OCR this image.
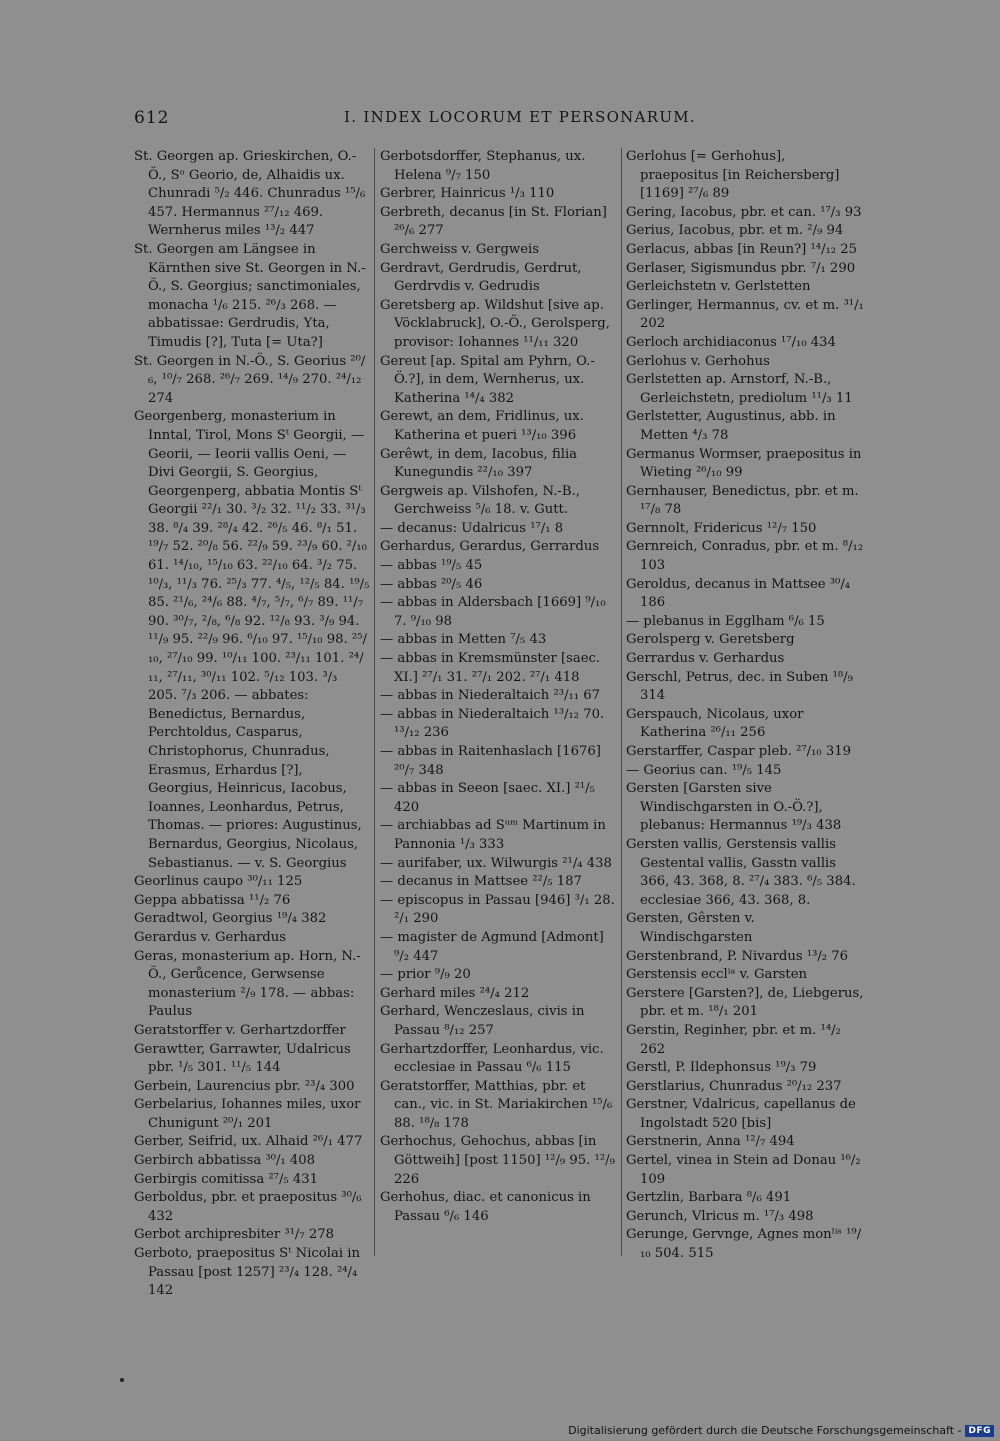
612	I. INDEX LOCORUM ET PERSONARUM.

St. Georgen ap. Grieskirchen, O.-Ö., Sᵒ Georio, de, Alhaidis ux. Chunradi ⁵/₂ 446. Chunradus ¹⁵/₆ 457. Hermannus ²⁷/₁₂ 469. Wernherus miles ¹³/₂ 447

St. Georgen am Längsee in Kärnthen sive St. Georgen in N.-Ö., S. Georgius; sanctimoniales, monacha ¹/₆ 215. ²⁶/₃ 268. — abbatissae: Gerdrudis, Yta, Timudis [?], Tuta [= Uta?]

St. Georgen in N.-Ö., S. Georius ²⁰/₆, ¹⁰/₇ 268. ²⁶/₇ 269. ¹⁴/₉ 270. ²⁴/₁₂ 274

Georgenberg, monasterium in Inntal, Tirol, Mons Sᵗ Georgii, — Georii, — Ieorii vallis Oeni, — Divi Georgii, S. Georgius, Georgenperg, abbatia Montis Sᵗ Georgii ²²/₁ 30. ³/₂ 32. ¹¹/₂ 33. ³¹/₃ 38. ⁸/₄ 39. ²⁸/₄ 42. ²⁶/₅ 46. ⁸/₁ 51. ¹⁹/₇ 52. ²⁰/₈ 56. ²²/₉ 59. ²³/₉ 60. ²/₁₀ 61. ¹⁴/₁₀, ¹⁵/₁₀ 63. ²²/₁₀ 64. ³/₂ 75. ¹⁰/₃, ¹¹/₃ 76. ²⁵/₃ 77. ⁴/₅, ¹²/₅ 84. ¹⁹/₅ 85. ²¹/₆, ²⁴/₆ 88. ⁴/₇, ⁵/₇, ⁶/₇ 89. ¹¹/₇ 90. ³⁰/₇, ²/₈, ⁶/₈ 92. ¹²/₈ 93. ³/₉ 94. ¹¹/₉ 95. ²²/₉ 96. ⁶/₁₀ 97. ¹⁵/₁₀ 98. ²⁵/₁₀, ²⁷/₁₀ 99. ¹⁰/₁₁ 100. ²³/₁₁ 101. ²⁴/₁₁, ²⁷/₁₁, ³⁰/₁₁ 102. ⁵/₁₂ 103. ³/₃ 205. ⁷/₃ 206. — abbates: Benedictus, Bernardus, Perchtoldus, Casparus, Christophorus, Chunradus, Erasmus, Erhardus [?], Georgius, Heinricus, Iacobus, Ioannes, Leonhardus, Petrus, Thomas. — priores: Augustinus, Bernardus, Georgius, Nicolaus, Sebastianus. — v. S. Georgius

Georlinus caupo ³⁰/₁₁ 125

Geppa abbatissa ¹¹/₂ 76

Geradtwol, Georgius ¹⁹/₄ 382

Gerardus v. Gerhardus

Geras, monasterium ap. Horn, N.-Ö., Gerůcence, Gerwsense monasterium ²/₉ 178. — abbas: Paulus

Geratstorffer v. Gerhartzdorffer

Gerawtter, Garrawter, Udalricus pbr. ¹/₅ 301. ¹¹/₅ 144

Gerbein, Laurencius pbr. ²³/₄ 300

Gerbelarius, Iohannes miles, uxor Chunigunt ²⁰/₁ 201

Gerber, Seifrid, ux. Alhaid ²⁶/₁ 477

Gerbirch abbatissa ³⁰/₁ 408

Gerbirgis comitissa ²⁷/₅ 431

Gerboldus, pbr. et praepositus ³⁰/₆ 432

Gerbot archipresbiter ³¹/₇ 278

Gerboto, praepositus Sᵗ Nicolai in Passau [post 1257] ²³/₄ 128. ²⁴/₄ 142

Gerbotsdorffer, Stephanus, ux. Helena ⁹/₇ 150

Gerbrer, Hainricus ¹/₃ 110

Gerbreth, decanus [in St. Florian] ²⁶/₆ 277

Gerchweiss v. Gergweis

Gerdravt, Gerdrudis, Gerdrut, Gerdrvdis v. Gedrudis

Geretsberg ap. Wildshut [sive ap. Vöcklabruck], O.-Ö., Gerolsperg, provisor: Iohannes ¹¹/₁₁ 320

Gereut [ap. Spital am Pyhrn, O.-Ö.?], in dem, Wernherus, ux. Katherina ¹⁴/₄ 382

Gerewt, an dem, Fridlinus, ux. Katherina et pueri ¹³/₁₀ 396

Gerêwt, in dem, Iacobus, filia Kunegundis ²²/₁₀ 397

Gergweis ap. Vilshofen, N.-B., Gerchweiss ⁵/₆ 18. v. Gutt.

— decanus: Udalricus ¹⁷/₁ 8

Gerhardus, Gerardus, Gerrardus

— abbas ¹⁹/₅ 45

— abbas ²⁰/₅ 46

— abbas in Aldersbach [1669] ⁹/₁₀ 7. ⁹/₁₀ 98

— abbas in Metten ⁷/₅ 43

— abbas in Kremsmünster [saec. XI.] ²⁷/₁ 31. ²⁷/₁ 202. ²⁷/₁ 418

— abbas in Niederaltaich ²³/₁₁ 67

— abbas in Niederaltaich ¹³/₁₂ 70. ¹³/₁₂ 236

— abbas in Raitenhaslach [1676] ²⁰/₇ 348

— abbas in Seeon [saec. XI.] ²¹/₅ 420

— archiabbas ad Sᵘᵐ Martinum in Pannonia ¹/₃ 333

— aurifaber, ux. Wilwurgis ²¹/₄ 438

— decanus in Mattsee ²²/₅ 187

— episcopus in Passau [946] ³/₁ 28. ²/₁ 290

— magister de Agmund [Admont] ⁹/₂ 447

— prior ⁹/₉ 20

Gerhard miles ²⁴/₄ 212

Gerhard, Wenczeslaus, civis in Passau ⁸/₁₂ 257

Gerhartzdorffer, Leonhardus, vic. ecclesiae in Passau ⁶/₆ 115

Geratstorffer, Matthias, pbr. et can., vic. in St. Mariakirchen ¹⁵/₆ 88. ¹⁸/₈ 178

Gerhochus, Gehochus, abbas [in Göttweih] [post 1150] ¹²/₉ 95. ¹²/₉ 226

Gerhohus, diac. et canonicus in Passau ⁶/₆ 146

Gerlohus [= Gerhohus], praepositus [in Reichersberg] [1169] ²⁷/₆ 89

Gering, Iacobus, pbr. et can. ¹⁷/₃ 93

Gerius, Iacobus, pbr. et m. ²/₉ 94

Gerlacus, abbas [in Reun?] ¹⁴/₁₂ 25

Gerlaser, Sigismundus pbr. ⁷/₁ 290

Gerleichstetn v. Gerlstetten

Gerlinger, Hermannus, cv. et m. ³¹/₁ 202

Gerloch archidiaconus ¹⁷/₁₀ 434

Gerlohus v. Gerhohus

Gerlstetten ap. Arnstorf, N.-B., Gerleichstetn, prediolum ¹¹/₃ 11

Gerlstetter, Augustinus, abb. in Metten ⁴/₃ 78

Germanus Wormser, praepositus in Wieting ²⁶/₁₀ 99

Gernhauser, Benedictus, pbr. et m. ¹⁷/₈ 78

Gernnolt, Fridericus ¹²/₇ 150

Gernreich, Conradus, pbr. et m. ⁸/₁₂ 103

Geroldus, decanus in Mattsee ³⁰/₄ 186

— plebanus in Egglham ⁶/₆ 15

Gerolsperg v. Geretsberg

Gerrardus v. Gerhardus

Gerschl, Petrus, dec. in Suben ¹⁸/₉ 314

Gerspauch, Nicolaus, uxor Katherina ²⁶/₁₁ 256

Gerstarffer, Caspar pleb. ²⁷/₁₀ 319

— Georius can. ¹⁹/₅ 145

Gersten [Garsten sive Windischgarsten in O.-Ö.?], plebanus: Hermannus ¹⁹/₃ 438

Gersten vallis, Gerstensis vallis Gestental vallis, Gasstn vallis 366, 43. 368, 8. ²⁷/₄ 383. ⁶/₅ 384. ecclesiae 366, 43. 368, 8.

Gersten, Gêrsten v. Windischgarsten

Gerstenbrand, P. Nivardus ¹³/₂ 76

Gerstensis ecclⁱᵃ v. Garsten

Gerstere [Garsten?], de, Liebgerus, pbr. et m. ¹⁸/₁ 201

Gerstin, Reginher, pbr. et m. ¹⁴/₂ 262

Gerstl, P. Ildephonsus ¹⁹/₃ 79

Gerstlarius, Chunradus ²⁰/₁₂ 237

Gerstner, Vdalricus, capellanus de Ingolstadt 520 [bis]

Gerstnerin, Anna ¹²/₇ 494

Gertel, vinea in Stein ad Donau ¹⁶/₂ 109

Gertzlin, Barbara ⁸/₆ 491

Gerunch, Vlricus m. ¹⁷/₃ 498

Gerunge, Gervnge, Agnes monˡⁱˢ ¹⁹/₁₀ 504. 515

Digitalisierung gefördert durch die Deutsche Forschungsgemeinschaft - DFG
